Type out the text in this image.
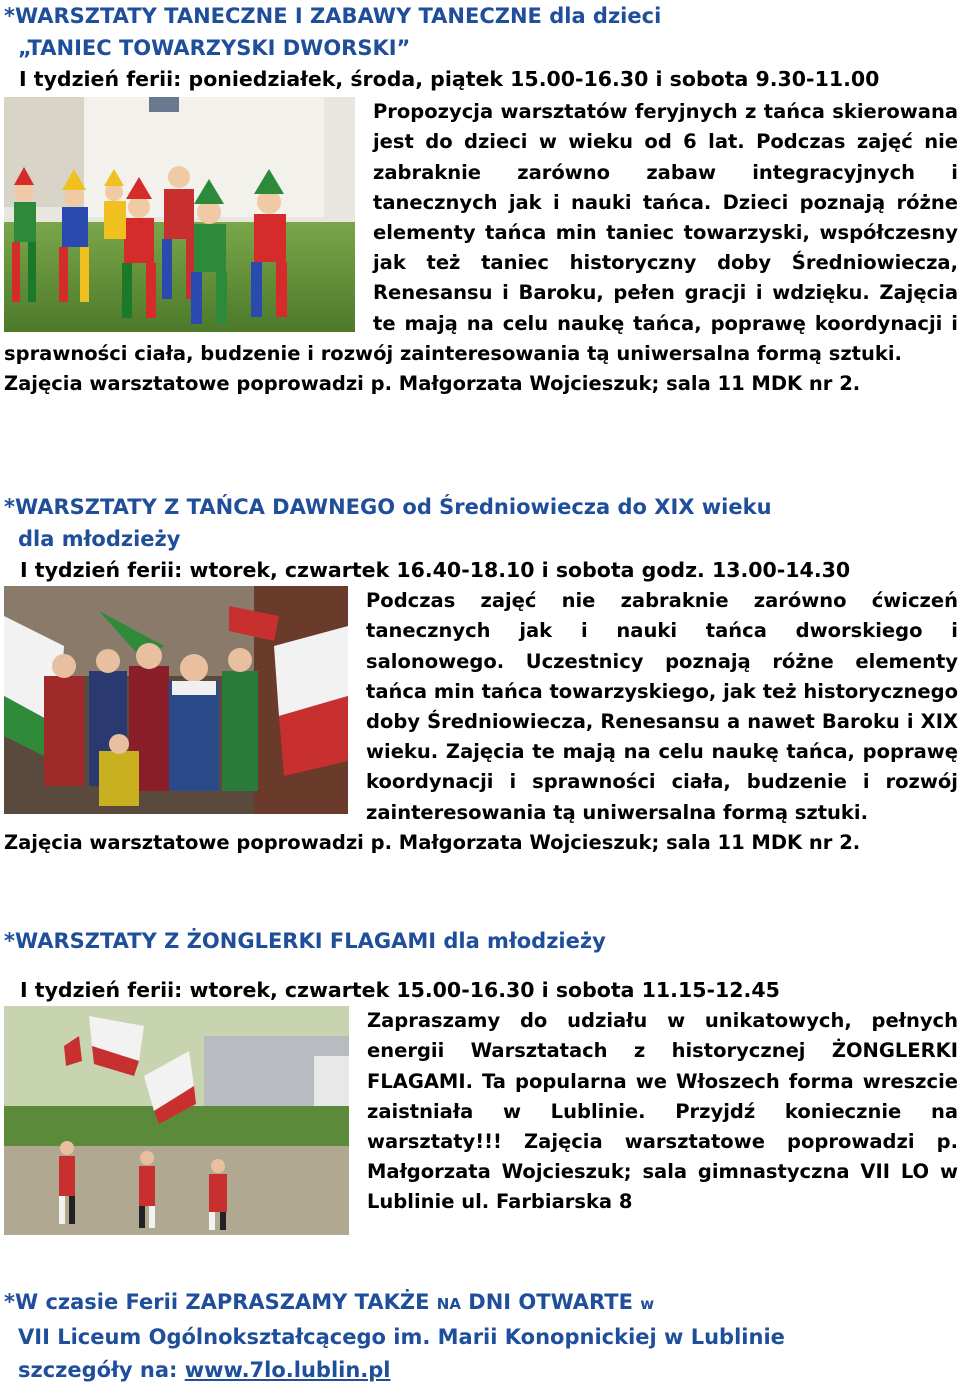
*WARSZTATY TANECZNE I ZABAWY TANECZNE dla dzieci
„TANIEC TOWARZYSKI DWORSKI”
I tydzień ferii: poniedziałek, środa, piątek 15.00-16.30 i sobota 9.30-11.00

Propozycja warsztatów feryjnych z tańca skierowana jest do dzieci w wieku od 6 lat. Podczas zajęć nie zabraknie zarówno zabaw integracyjnych i tanecznych jak i nauki tańca. Dzieci poznają różne elementy tańca min taniec towarzyski, współczesny jak też taniec historyczny doby Średniowiecza, Renesansu i Baroku, pełen gracji i wdzięku. Zajęcia te mają na celu naukę tańca, poprawę koordynacji i sprawności ciała, budzenie i rozwój zainteresowania tą uniwersalna formą sztuki.

Zajęcia warsztatowe poprowadzi p. Małgorzata Wojcieszuk; sala 11 MDK nr 2.

*WARSZTATY Z TAŃCA DAWNEGO od Średniowiecza do XIX wieku
dla młodzieży
I tydzień ferii: wtorek, czwartek 16.40-18.10 i sobota godz. 13.00-14.30

Podczas zajęć nie zabraknie zarówno ćwiczeń tanecznych jak i nauki tańca dworskiego i salonowego. Uczestnicy poznają różne elementy tańca min tańca towarzyskiego, jak też historycznego doby Średniowiecza, Renesansu a nawet Baroku i XIX wieku. Zajęcia te mają na celu naukę tańca, poprawę koordynacji i sprawności ciała, budzenie i rozwój zainteresowania tą uniwersalna formą sztuki.

Zajęcia warsztatowe poprowadzi p. Małgorzata Wojcieszuk; sala 11 MDK nr 2.

*WARSZTATY Z ŻONGLERKI FLAGAMI dla młodzieży
I tydzień ferii: wtorek, czwartek 15.00-16.30 i sobota 11.15-12.45

Zapraszamy do udziału w unikatowych, pełnych energii Warsztatach z historycznej ŻONGLERKI FLAGAMI. Ta popularna we Włoszech forma wreszcie zaistniała w Lublinie. Przyjdź koniecznie na warsztaty!!! Zajęcia warsztatowe poprowadzi p. Małgorzata Wojcieszuk; sala gimnastyczna VII LO w Lublinie ul. Farbiarska 8

*W czasie Ferii ZAPRASZAMY TAKŻE NA DNI OTWARTE w
VII Liceum Ogólnokształcącego im. Marii Konopnickiej w Lublinie
szczegóły na: www.7lo.lublin.pl
